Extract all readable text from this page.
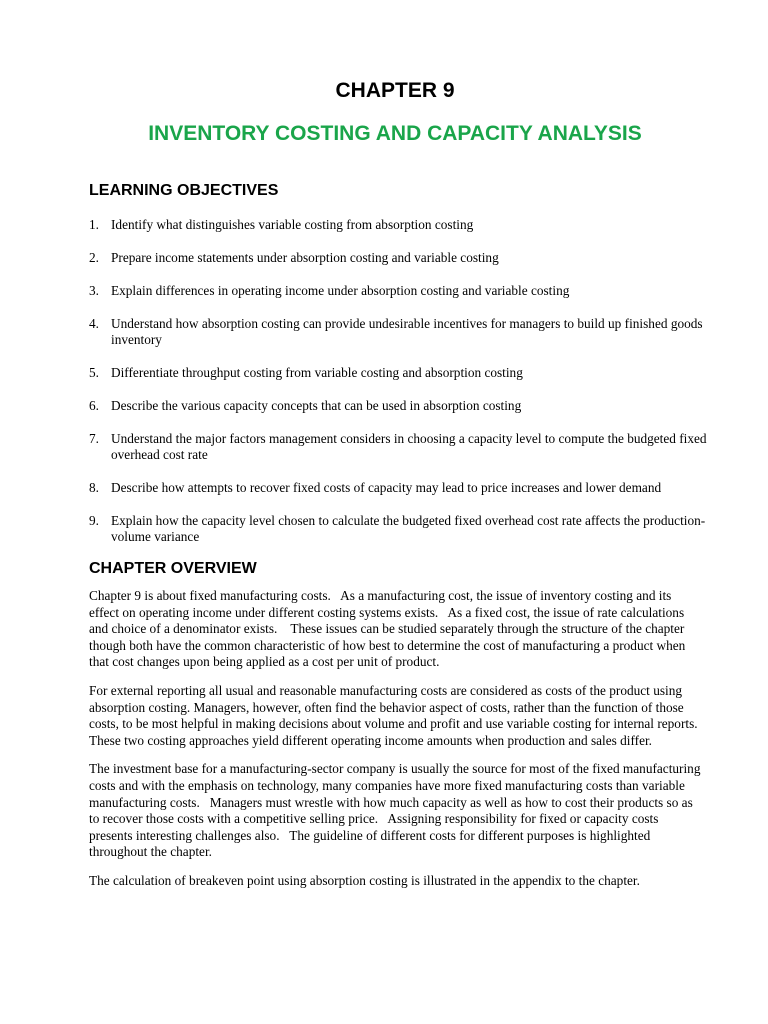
CHAPTER 9
INVENTORY COSTING AND CAPACITY ANALYSIS
LEARNING OBJECTIVES
1. Identify what distinguishes variable costing from absorption costing
2. Prepare income statements under absorption costing and variable costing
3. Explain differences in operating income under absorption costing and variable costing
4. Understand how absorption costing can provide undesirable incentives for managers to build up finished goods inventory
5. Differentiate throughput costing from variable costing and absorption costing
6. Describe the various capacity concepts that can be used in absorption costing
7. Understand the major factors management considers in choosing a capacity level to compute the budgeted fixed overhead cost rate
8. Describe how attempts to recover fixed costs of capacity may lead to price increases and lower demand
9. Explain how the capacity level chosen to calculate the budgeted fixed overhead cost rate affects the production-volume variance
CHAPTER OVERVIEW

Chapter 9 is about fixed manufacturing costs.   As a manufacturing cost, the issue of inventory costing and its effect on operating income under different costing systems exists.   As a fixed cost, the issue of rate calculations and choice of a denominator exists.    These issues can be studied separately through the structure of the chapter though both have the common characteristic of how best to determine the cost of manufacturing a product when that cost changes upon being applied as a cost per unit of product.

For external reporting all usual and reasonable manufacturing costs are considered as costs of the product using absorption costing. Managers, however, often find the behavior aspect of costs, rather than the function of those costs, to be most helpful in making decisions about volume and profit and use variable costing for internal reports. These two costing approaches yield different operating income amounts when production and sales differ.

The investment base for a manufacturing-sector company is usually the source for most of the fixed manufacturing costs and with the emphasis on technology, many companies have more fixed manufacturing costs than variable manufacturing costs.   Managers must wrestle with how much capacity as well as how to cost their products so as to recover those costs with a competitive selling price.   Assigning responsibility for fixed or capacity costs presents interesting challenges also.   The guideline of different costs for different purposes is highlighted throughout the chapter.

The calculation of breakeven point using absorption costing is illustrated in the appendix to the chapter.
